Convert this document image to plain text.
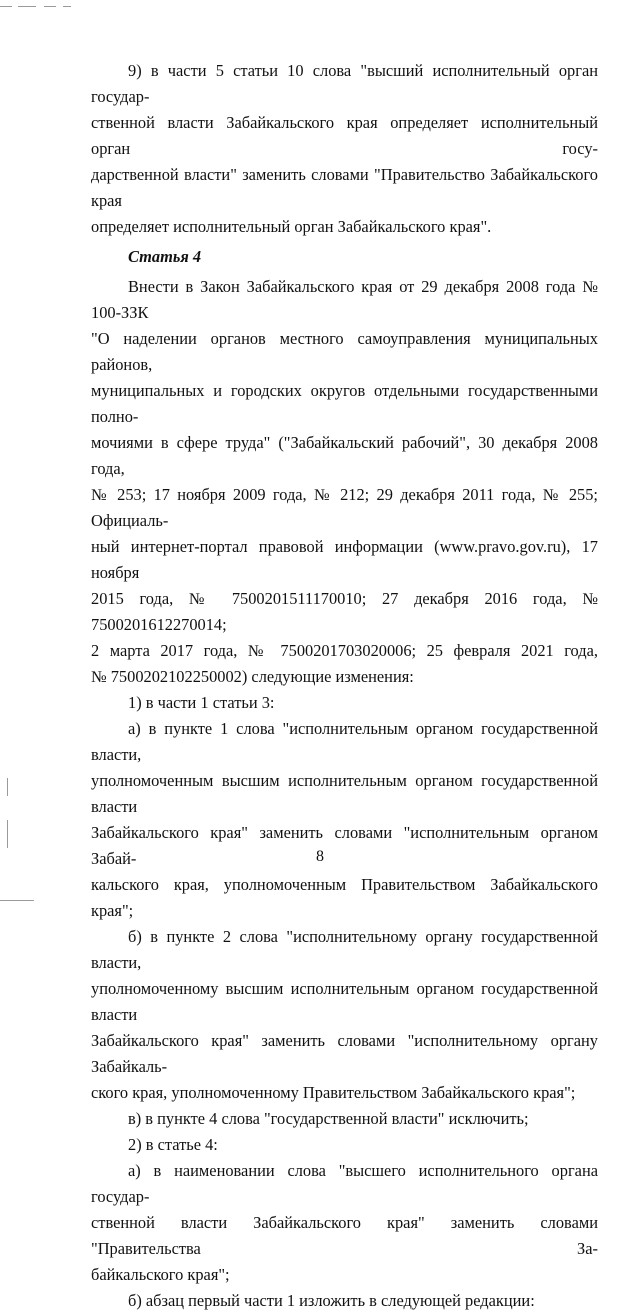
9) в части 5 статьи 10 слова "высший исполнительный орган государ-
ственной власти Забайкальского края определяет исполнительный орган госу-
дарственной власти" заменить словами "Правительство Забайкальского края
определяет исполнительный орган Забайкальского края".
Статья 4
Внести в Закон Забайкальского края от 29 декабря 2008 года № 100-ЗЗК
"О наделении органов местного самоуправления муниципальных районов,
муниципальных и городских округов отдельными государственными полно-
мочиями в сфере труда" ("Забайкальский рабочий", 30 декабря 2008 года,
№ 253; 17 ноября 2009 года, № 212; 29 декабря 2011 года, № 255; Официаль-
ный интернет-портал правовой информации (www.pravo.gov.ru), 17 ноября
2015 года, № 7500201511170010; 27 декабря 2016 года, № 7500201612270014;
2 марта 2017 года, № 7500201703020006; 25 февраля 2021 года,
№ 7500202102250002) следующие изменения:
1) в части 1 статьи 3:
а) в пункте 1 слова "исполнительным органом государственной власти,
уполномоченным высшим исполнительным органом государственной власти
Забайкальского края" заменить словами "исполнительным органом Забай-
кальского края, уполномоченным Правительством Забайкальского края";
б) в пункте 2 слова "исполнительному органу государственной власти,
уполномоченному высшим исполнительным органом государственной власти
Забайкальского края" заменить словами "исполнительному органу Забайкаль-
ского края, уполномоченному Правительством Забайкальского края";
в) в пункте 4 слова "государственной власти" исключить;
2) в статье 4:
а) в наименовании слова "высшего исполнительного органа государ-
ственной власти Забайкальского края" заменить словами "Правительства За-
байкальского края";
б) абзац первый части 1 изложить в следующей редакции:
8
